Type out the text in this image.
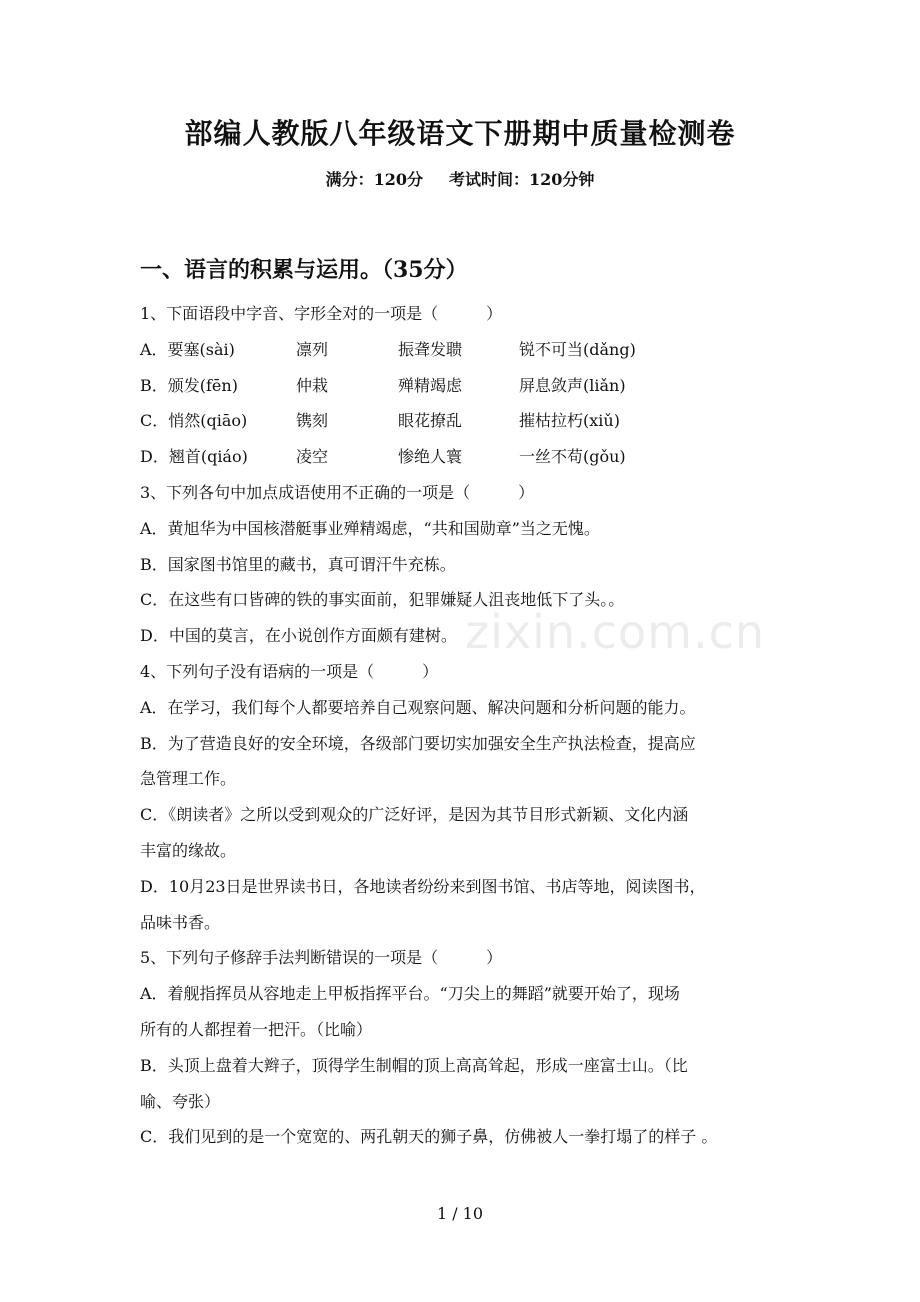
部编人教版八年级语文下册期中质量检测卷
满分：120分 考试时间：120分钟
一、语言的积累与运用。（35分）
1、下面语段中字音、字形全对的一项是（　　　）
A．要塞(sài)	凛列	振聋发聩	锐不可当(dǎng)
B．颁发(fēn)	仲栽	殚精竭虑	屏息敛声(liǎn)
C．悄然(qiāo)	镌刻	眼花撩乱	摧枯拉朽(xiǔ)
D．翘首(qiáo)	凌空	惨绝人寰	一丝不苟(gǒu)
3、下列各句中加点成语使用不正确的一项是（　　　）
A．黄旭华为中国核潜艇事业殚精竭虑，“共和国勋章”当之无愧。
B．国家图书馆里的藏书，真可谓汗牛充栋。
C．在这些有口皆碑的铁的事实面前，犯罪嫌疑人沮丧地低下了头。。
D．中国的莫言，在小说创作方面颇有建树。
4、下列句子没有语病的一项是（　　　）
A．在学习，我们每个人都要培养自己观察问题、解决问题和分析问题的能力。
B．为了营造良好的安全环境，各级部门要切实加强安全生产执法检查，提高应
急管理工作。
C．《朗读者》之所以受到观众的广泛好评，是因为其节目形式新颖、文化内涵
丰富的缘故。
D．10月23日是世界读书日，各地读者纷纷来到图书馆、书店等地，阅读图书，
品味书香。
5、下列句子修辞手法判断错误的一项是（　　　）
A．着舰指挥员从容地走上甲板指挥平台。“刀尖上的舞蹈”就要开始了，现场
所有的人都捏着一把汗。（比喻）
B．头顶上盘着大辫子，顶得学生制帽的顶上高高耸起，形成一座富士山。（比
喻、夸张）
C．我们见到的是一个宽宽的、两孔朝天的狮子鼻，仿佛被人一拳打塌了的样子 。
zixin.com.cn
1 / 10
